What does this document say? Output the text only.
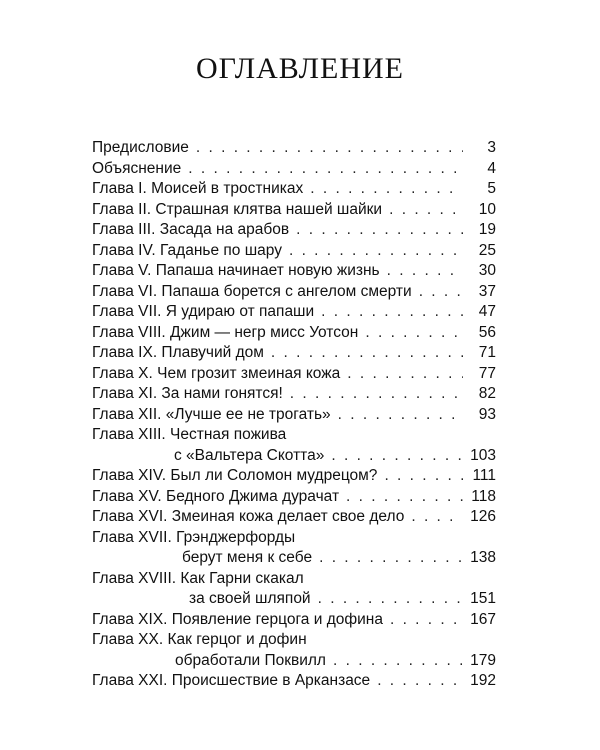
ОГЛАВЛЕНИЕ
Предисловие . . .	3
Объяснение . . .	4
Глава I. Моисей в тростниках . . .	5
Глава II. Страшная клятва нашей шайки . . .	10
Глава III. Засада на арабов . . .	19
Глава IV. Гаданье по шару . . .	25
Глава V. Папаша начинает новую жизнь . . .	30
Глава VI. Папаша борется с ангелом смерти . . .	37
Глава VII. Я удираю от папаши . . .	47
Глава VIII. Джим — негр мисс Уотсон . . .	56
Глава IX. Плавучий дом . . .	71
Глава X. Чем грозит змеиная кожа . . .	77
Глава XI. За нами гонятся! . . .	82
Глава XII. «Лучше ее не трогать» . . .	93
Глава XIII. Честная пожива
с «Вальтера Скотта» . . .	103
Глава XIV. Был ли Соломон мудрецом? . . .	111
Глава XV. Бедного Джима дурачат . . .	118
Глава XVI. Змеиная кожа делает свое дело . . .	126
Глава XVII. Грэнджерфорды
берут меня к себе . . .	138
Глава XVIII. Как Гарни скакал
за своей шляпой . . .	151
Глава XIX. Появление герцога и дофина . . .	167
Глава XX. Как герцог и дофин
обработали Поквилл . . .	179
Глава XXI. Происшествие в Арканзасе . . .	192
